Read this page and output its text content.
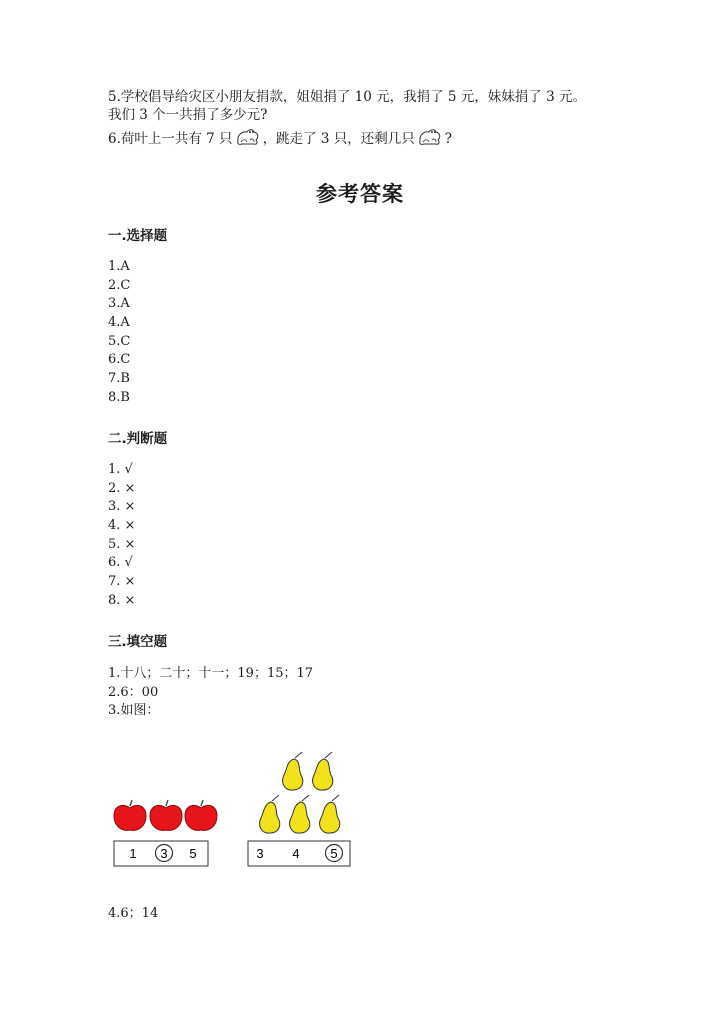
5.学校倡导给灾区小朋友捐款，姐姐捐了 10 元，我捐了 5 元，妹妹捐了 3 元。
我们 3 个一共捐了多少元?
6.荷叶上一共有 7 只 ，跳走了 3 只，还剩几只 ?
参考答案
一.选择题
1.A
2.C
3.A
4.A
5.C
6.C
7.B
8.B
二.判断题
1. √
2. ×
3. ×
4. ×
5. ×
6. √
7. ×
8. ×
三.填空题
1.十八；二十；十一；19；15；17
2.6：00
3.如图：
1 3 5	3 4 5
4.6；14
